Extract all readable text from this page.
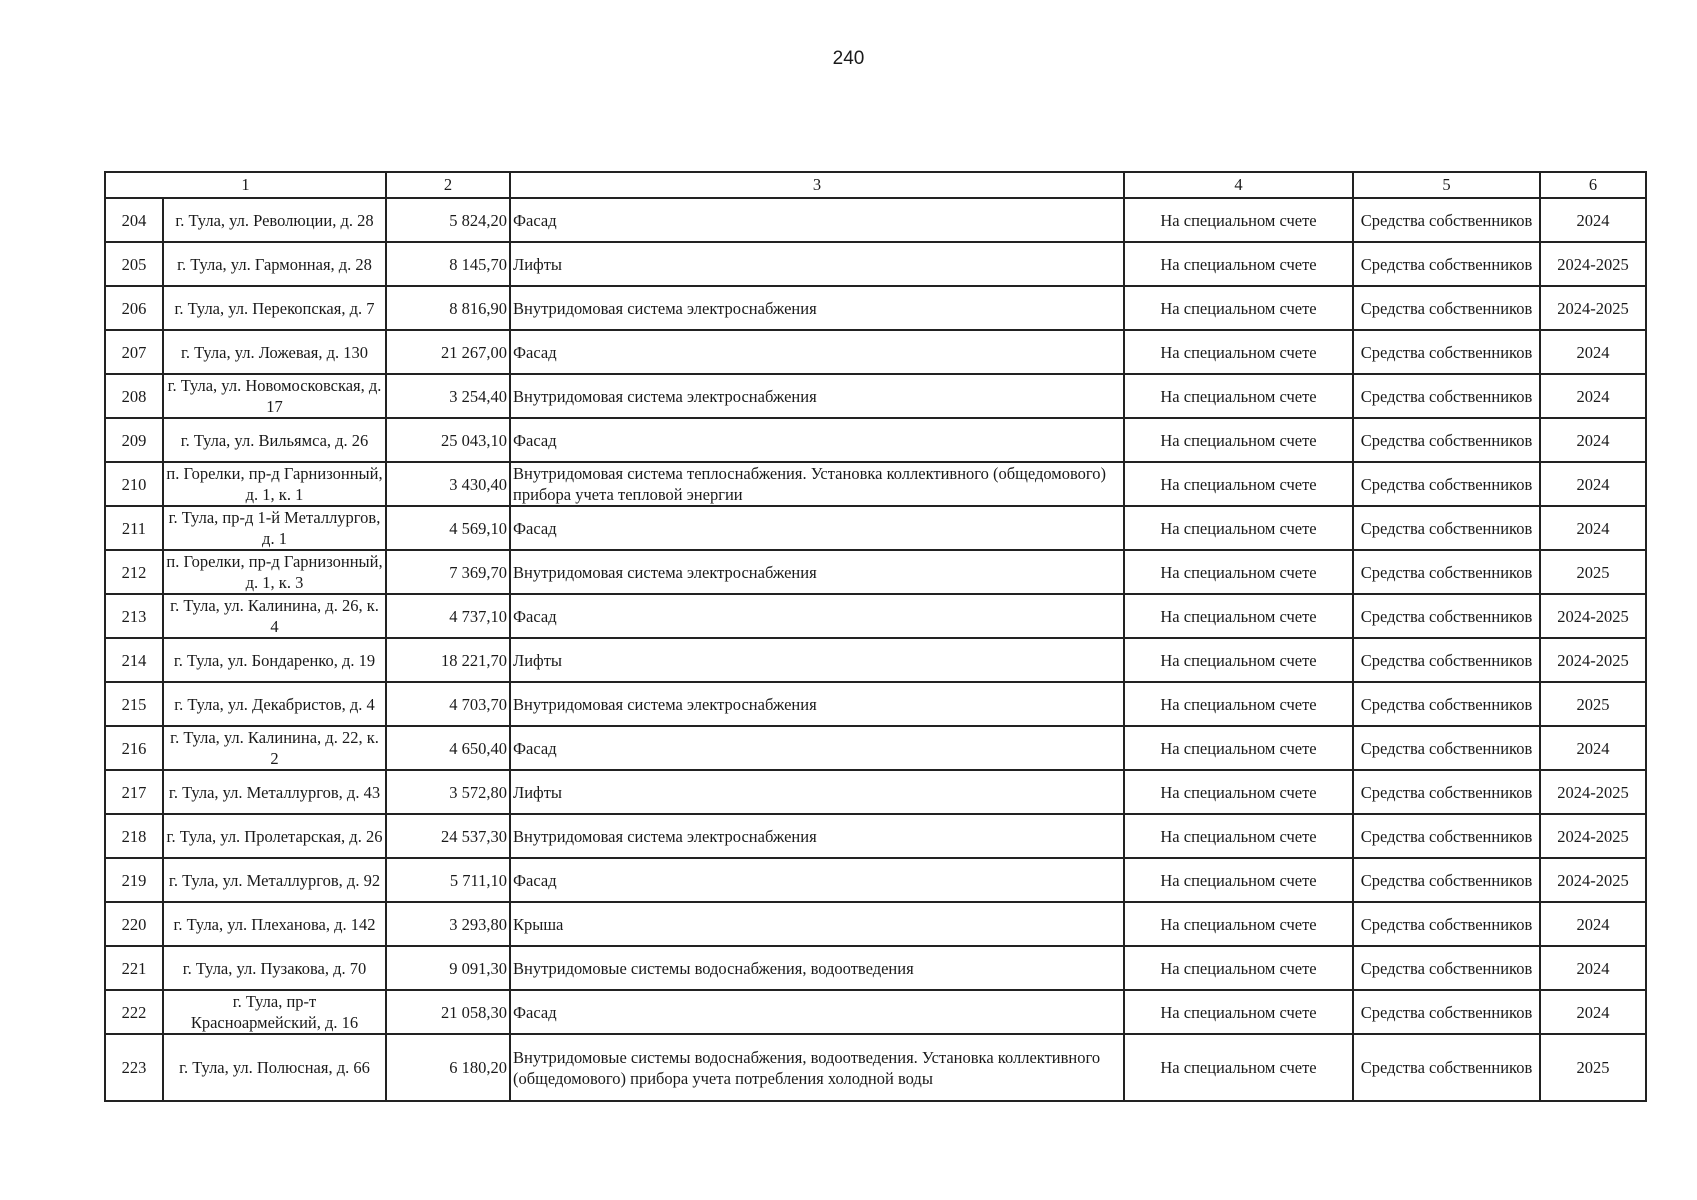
240
1		2	3	4	5	6
204	г. Тула, ул. Революции, д. 28	5 824,20	Фасад	На специальном счете	Средства собственников	2024
205	г. Тула, ул. Гармонная, д. 28	8 145,70	Лифты	На специальном счете	Средства собственников	2024-2025
206	г. Тула, ул. Перекопская, д. 7	8 816,90	Внутридомовая система электроснабжения	На специальном счете	Средства собственников	2024-2025
207	г. Тула, ул. Ложевая, д. 130	21 267,00	Фасад	На специальном счете	Средства собственников	2024
208	г. Тула, ул. Новомосковская, д. 17	3 254,40	Внутридомовая система электроснабжения	На специальном счете	Средства собственников	2024
209	г. Тула, ул. Вильямса, д. 26	25 043,10	Фасад	На специальном счете	Средства собственников	2024
210	п. Горелки, пр-д Гарнизонный, д. 1, к. 1	3 430,40	Внутридомовая система теплоснабжения. Установка коллективного (общедомового) прибора учета тепловой энергии	На специальном счете	Средства собственников	2024
211	г. Тула, пр-д 1-й Металлургов, д. 1	4 569,10	Фасад	На специальном счете	Средства собственников	2024
212	п. Горелки, пр-д Гарнизонный, д. 1, к. 3	7 369,70	Внутридомовая система электроснабжения	На специальном счете	Средства собственников	2025
213	г. Тула, ул. Калинина, д. 26, к. 4	4 737,10	Фасад	На специальном счете	Средства собственников	2024-2025
214	г. Тула, ул. Бондаренко, д. 19	18 221,70	Лифты	На специальном счете	Средства собственников	2024-2025
215	г. Тула, ул. Декабристов, д. 4	4 703,70	Внутридомовая система электроснабжения	На специальном счете	Средства собственников	2025
216	г. Тула, ул. Калинина, д. 22, к. 2	4 650,40	Фасад	На специальном счете	Средства собственников	2024
217	г. Тула, ул. Металлургов, д. 43	3 572,80	Лифты	На специальном счете	Средства собственников	2024-2025
218	г. Тула, ул. Пролетарская, д. 26	24 537,30	Внутридомовая система электроснабжения	На специальном счете	Средства собственников	2024-2025
219	г. Тула, ул. Металлургов, д. 92	5 711,10	Фасад	На специальном счете	Средства собственников	2024-2025
220	г. Тула, ул. Плеханова, д. 142	3 293,80	Крыша	На специальном счете	Средства собственников	2024
221	г. Тула, ул. Пузакова, д. 70	9 091,30	Внутридомовые системы водоснабжения, водоотведения	На специальном счете	Средства собственников	2024
222	г. Тула, пр-т Красноармейский, д. 16	21 058,30	Фасад	На специальном счете	Средства собственников	2024
223	г. Тула, ул. Полюсная, д. 66	6 180,20	Внутридомовые системы водоснабжения, водоотведения. Установка коллективного (общедомового) прибора учета потребления холодной воды	На специальном счете	Средства собственников	2025
